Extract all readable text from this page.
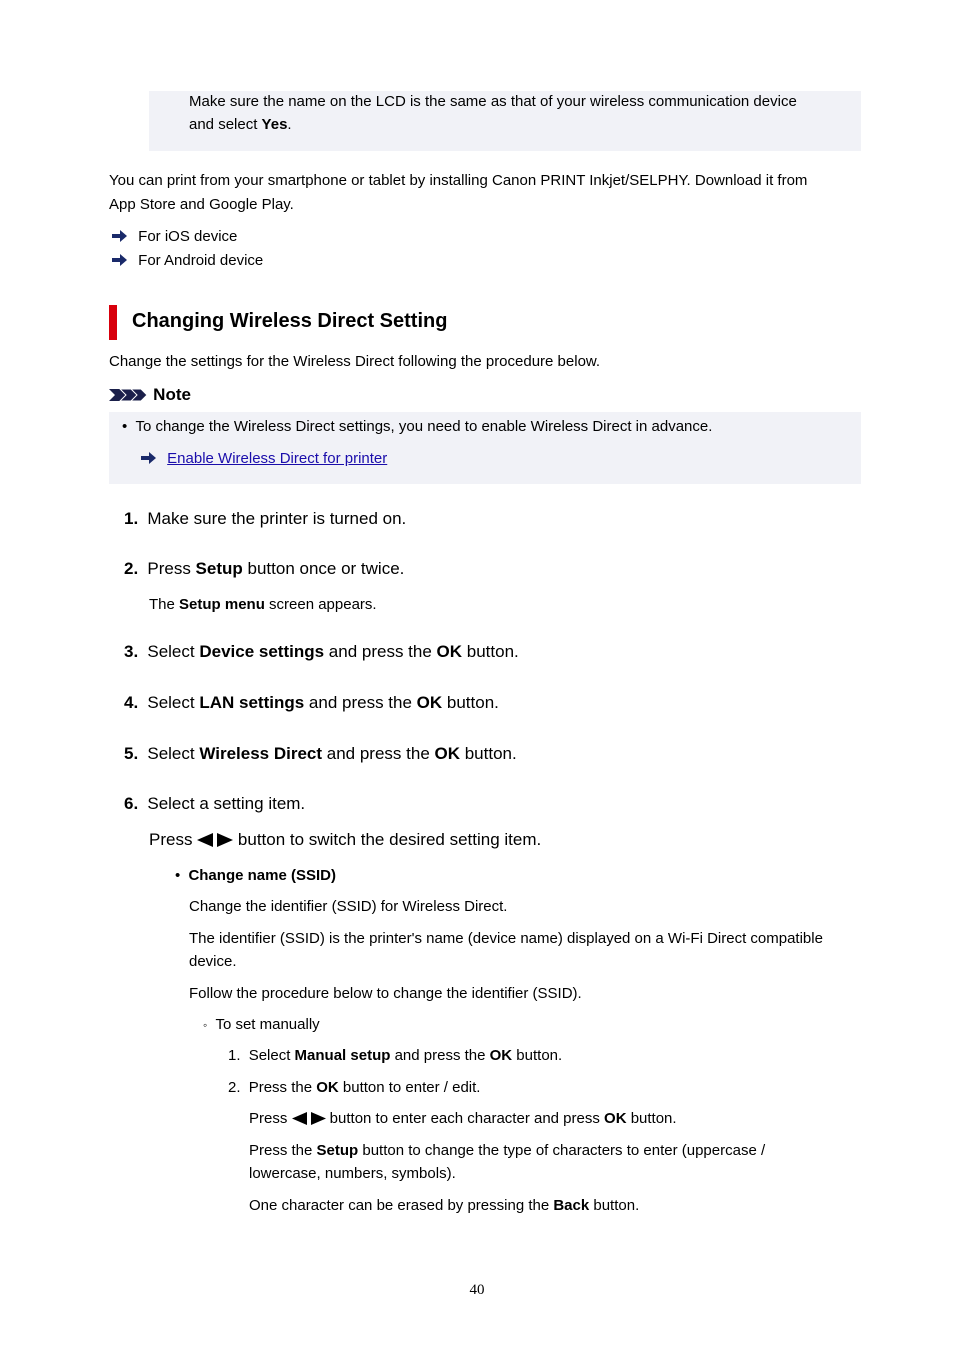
Make sure the name on the LCD is the same as that of your wireless communication device
and select Yes.
You can print from your smartphone or tablet by installing Canon PRINT Inkjet/SELPHY. Download it from
App Store and Google Play.
For iOS device
For Android device
Changing Wireless Direct Setting
Change the settings for the Wireless Direct following the procedure below.
Note
• To change the Wireless Direct settings, you need to enable Wireless Direct in advance.
Enable Wireless Direct for printer
1. Make sure the printer is turned on.
2. Press Setup button once or twice.
The Setup menu screen appears.
3. Select Device settings and press the OK button.
4. Select LAN settings and press the OK button.
5. Select Wireless Direct and press the OK button.
6. Select a setting item.
Press  button to switch the desired setting item.
• Change name (SSID)
Change the identifier (SSID) for Wireless Direct.
The identifier (SSID) is the printer's name (device name) displayed on a Wi-Fi Direct compatible
device.
Follow the procedure below to change the identifier (SSID).
◦ To set manually
1. Select Manual setup and press the OK button.
2. Press the OK button to enter / edit.
Press  button to enter each character and press OK button.
Press the Setup button to change the type of characters to enter (uppercase /
lowercase, numbers, symbols).
One character can be erased by pressing the Back button.
40
